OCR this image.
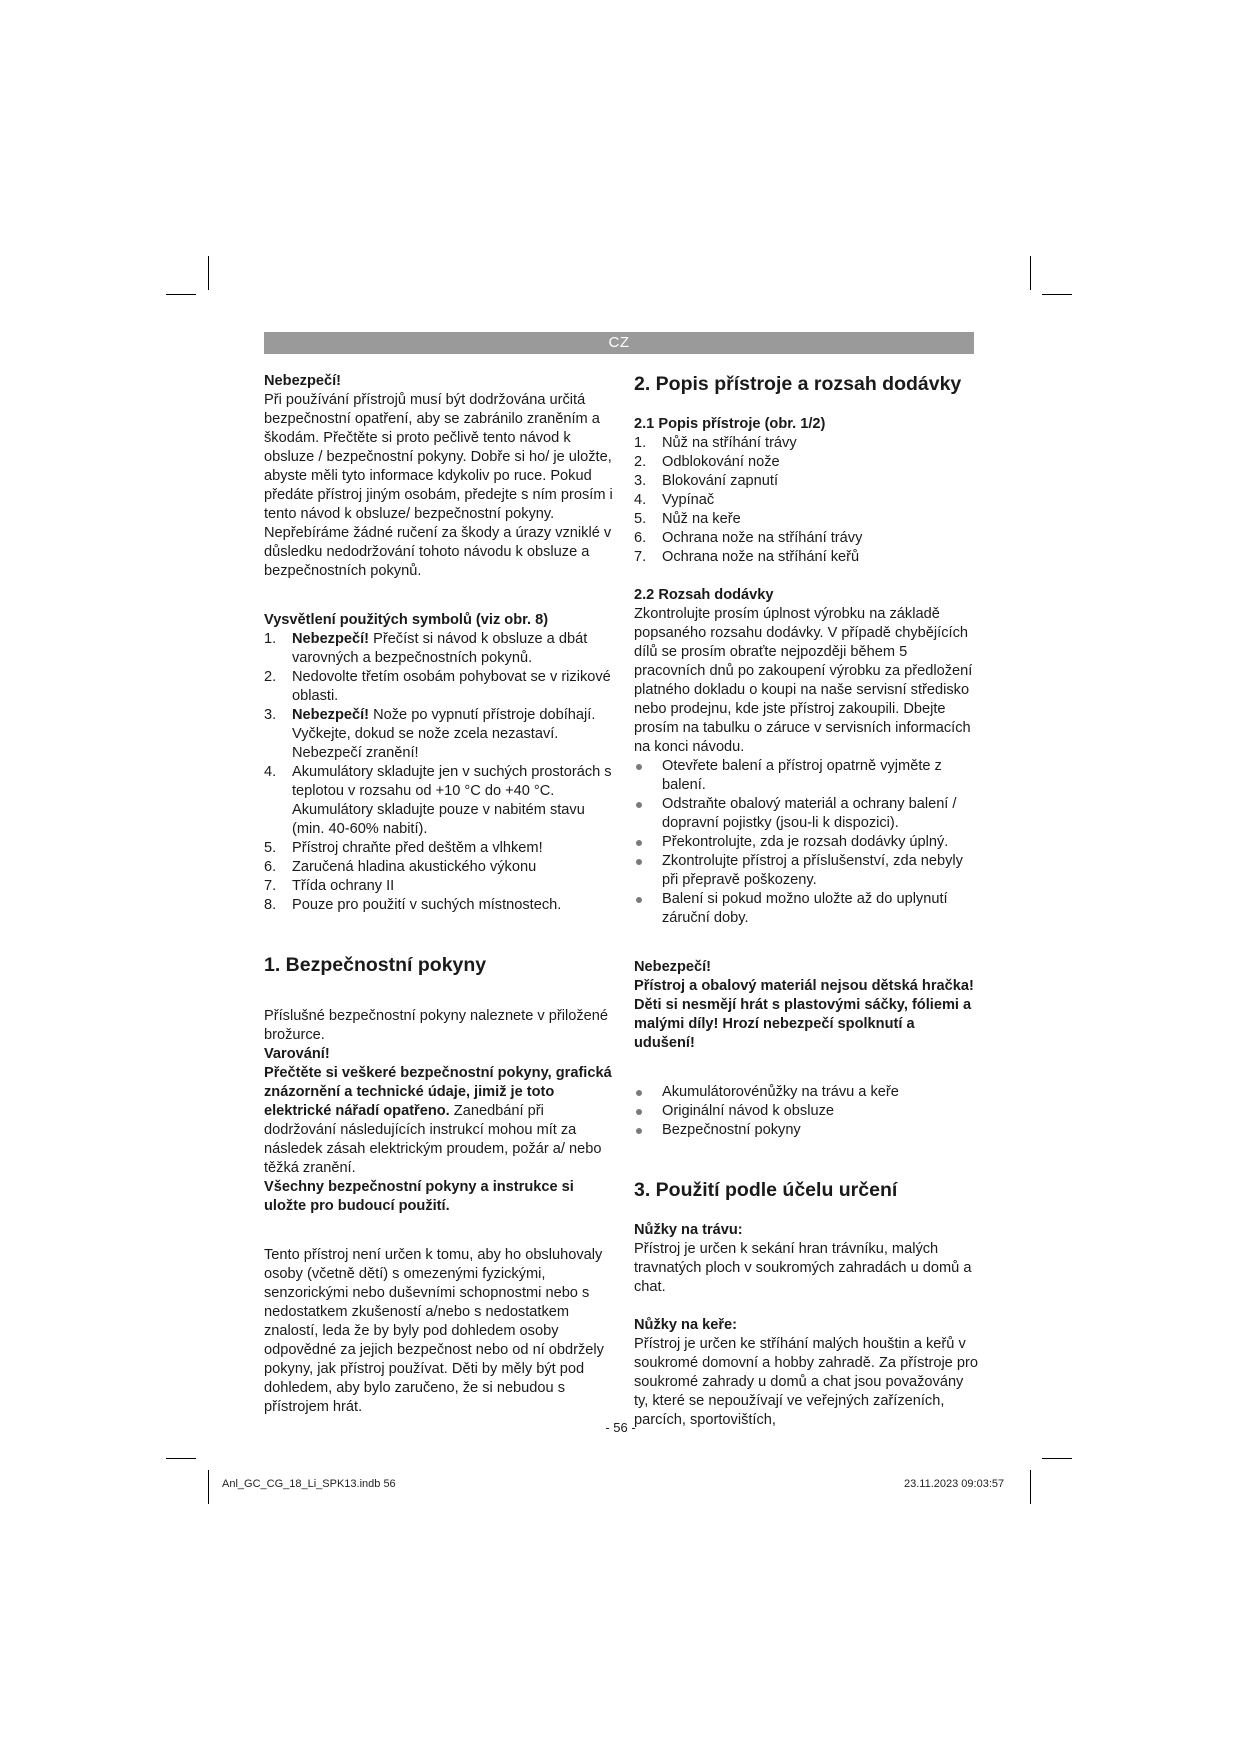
CZ
Nebezpečí!

Při používání přístrojů musí být dodržována určitá bezpečnostní opatření, aby se zabránilo zraněním a škodám. Přečtěte si proto pečlivě tento návod k obsluze / bezpečnostní pokyny. Dobře si ho/ je uložte, abyste měli tyto informace kdykoliv po ruce. Pokud předáte přístroj jiným osobám, předejte s ním prosím i tento návod k obsluze/ bezpečnostní pokyny. Nepřebíráme žádné ručení za škody a úrazy vzniklé v důsledku nedodržování tohoto návodu k obsluze a bezpečnostních pokynů.

Vysvětlení použitých symbolů (viz obr. 8)
1. Nebezpečí! Přečíst si návod k obsluze a dbát varovných a bezpečnostních pokynů.
2. Nedovolte třetím osobám pohybovat se v rizikové oblasti.
3. Nebezpečí! Nože po vypnutí přístroje dobíhají. Vyčkejte, dokud se nože zcela nezastaví. Nebezpečí zranění!
4. Akumulátory skladujte jen v suchých prostorách s teplotou v rozsahu od +10 °C do +40 °C. Akumulátory skladujte pouze v nabitém stavu (min. 40-60% nabití).
5. Přístroj chraňte před deštěm a vlhkem!
6. Zaručená hladina akustického výkonu
7. Třída ochrany II
8. Pouze pro použití v suchých místnostech.
1. Bezpečnostní pokyny

Příslušné bezpečnostní pokyny naleznete v přiložené brožurce.

Varování!

Přečtěte si veškeré bezpečnostní pokyny, grafická znázornění a technické údaje, jimiž je toto elektrické nářadí opatřeno. Zanedbání při dodržování následujících instrukcí mohou mít za následek zásah elektrickým proudem, požár a/ nebo těžká zranění.

Všechny bezpečnostní pokyny a instrukce si uložte pro budoucí použití.

Tento přístroj není určen k tomu, aby ho obsluhovaly osoby (včetně dětí) s omezenými fyzickými, senzorickými nebo duševními schopnostmi nebo s nedostatkem zkušeností a/nebo s nedostatkem znalostí, leda že by byly pod dohledem osoby odpovědné za jejich bezpečnost nebo od ní obdržely pokyny, jak přístroj používat. Děti by měly být pod dohledem, aby bylo zaručeno, že si nebudou s přístrojem hrát.

2. Popis přístroje a rozsah dodávky
2.1 Popis přístroje (obr. 1/2)
1. Nůž na stříhání trávy
2. Odblokování nože
3. Blokování zapnutí
4. Vypínač
5. Nůž na keře
6. Ochrana nože na stříhání trávy
7. Ochrana nože na stříhání keřů
2.2 Rozsah dodávky

Zkontrolujte prosím úplnost výrobku na základě popsaného rozsahu dodávky. V případě chybějících dílů se prosím obraťte nejpozději během 5 pracovních dnů po zakoupení výrobku za předložení platného dokladu o koupi na naše servisní středisko nebo prodejnu, kde jste přístroj zakoupili. Dbejte prosím na tabulku o záruce v servisních informacích na konci návodu.

Otevřete balení a přístroj opatrně vyjměte z balení.
Odstraňte obalový materiál a ochrany balení / dopravní pojistky (jsou-li k dispozici).
Překontrolujte, zda je rozsah dodávky úplný.
Zkontrolujte přístroj a příslušenství, zda nebyly při přepravě poškozeny.
Balení si pokud možno uložte až do uplynutí záruční doby.
Nebezpečí!

Přístroj a obalový materiál nejsou dětská hračka! Děti si nesmějí hrát s plastovými sáčky, fóliemi a malými díly! Hrozí nebezpečí spolknutí a udušení!

Akumulátorovénůžky na trávu a keře
Originální návod k obsluze
Bezpečnostní pokyny
3. Použití podle účelu určení
Nůžky na trávu:

Přístroj je určen k sekání hran trávníku, malých travnatých ploch v soukromých zahradách u domů a chat.

Nůžky na keře:

Přístroj je určen ke stříhání malých houštin a keřů v soukromé domovní a hobby zahradě. Za přístroje pro soukromé zahrady u domů a chat jsou považovány ty, které se nepoužívají ve veřejných zařízeních, parcích, sportovištích,

- 56 -
Anl_GC_CG_18_Li_SPK13.indb 56	23.11.2023 09:03:57
